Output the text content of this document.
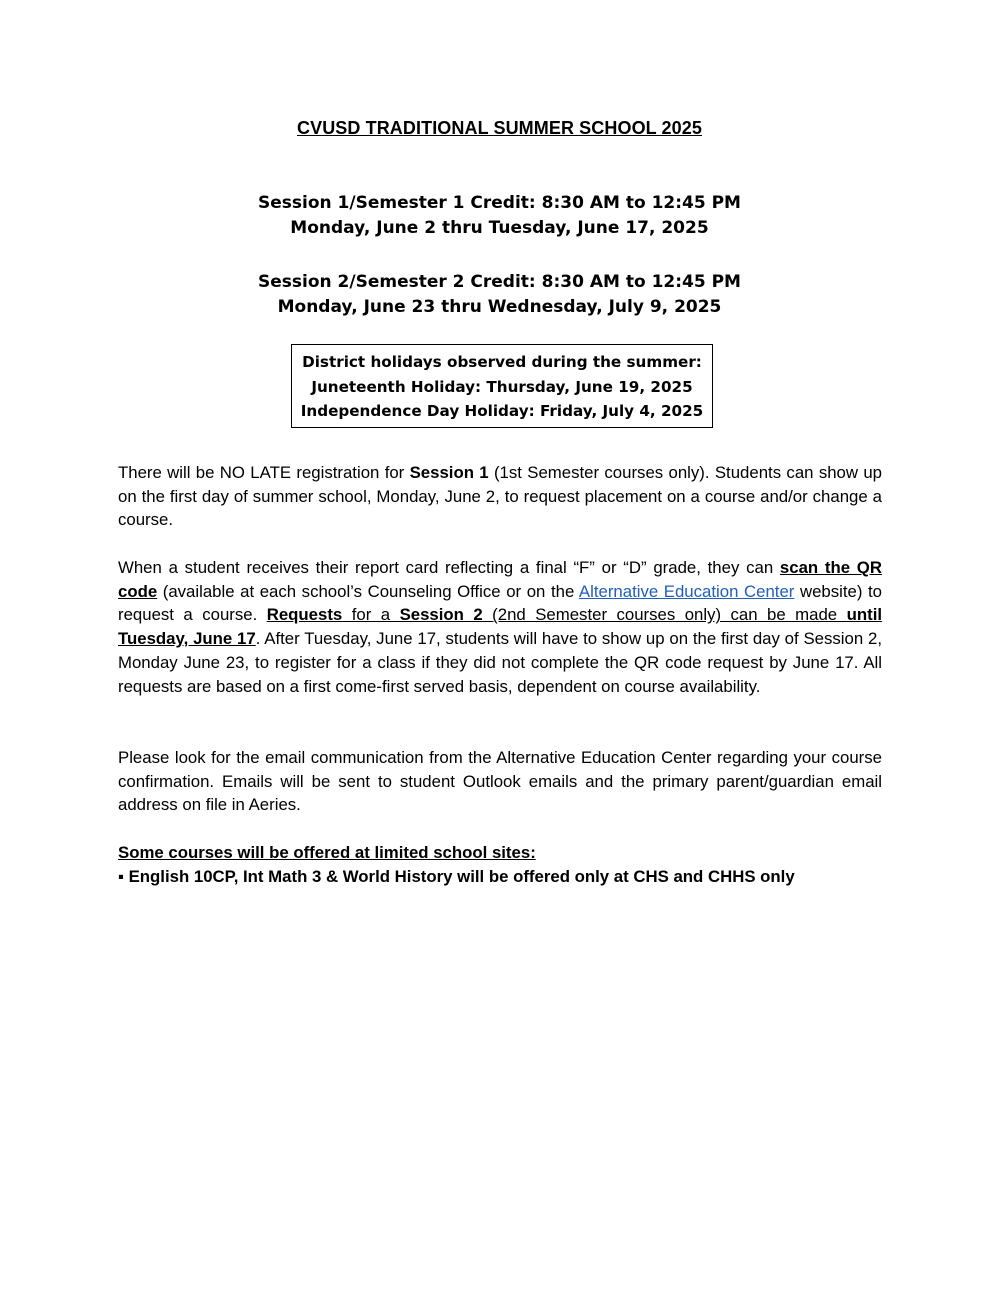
CVUSD TRADITIONAL SUMMER SCHOOL 2025
Session 1/Semester 1 Credit: 8:30 AM to 12:45 PM
Monday, June 2 thru Tuesday, June 17, 2025
Session 2/Semester 2 Credit: 8:30 AM to 12:45 PM
Monday, June 23 thru Wednesday, July 9, 2025
District holidays observed during the summer:
Juneteenth Holiday: Thursday, June 19, 2025
Independence Day Holiday: Friday, July 4, 2025
There will be NO LATE registration for Session 1 (1st Semester courses only). Students can show up on the first day of summer school, Monday, June 2, to request placement on a course and/or change a course.
When a student receives their report card reflecting a final “F” or “D” grade, they can scan the QR code (available at each school’s Counseling Office or on the Alternative Education Center website) to request a course. Requests for a Session 2 (2nd Semester courses only) can be made until Tuesday, June 17. After Tuesday, June 17, students will have to show up on the first day of Session 2, Monday June 23, to register for a class if they did not complete the QR code request by June 17. All requests are based on a first come-first served basis, dependent on course availability.
Please look for the email communication from the Alternative Education Center regarding your course confirmation. Emails will be sent to student Outlook emails and the primary parent/guardian email address on file in Aeries.
Some courses will be offered at limited school sites:
▪ English 10CP, Int Math 3 & World History will be offered only at CHS and CHHS only
